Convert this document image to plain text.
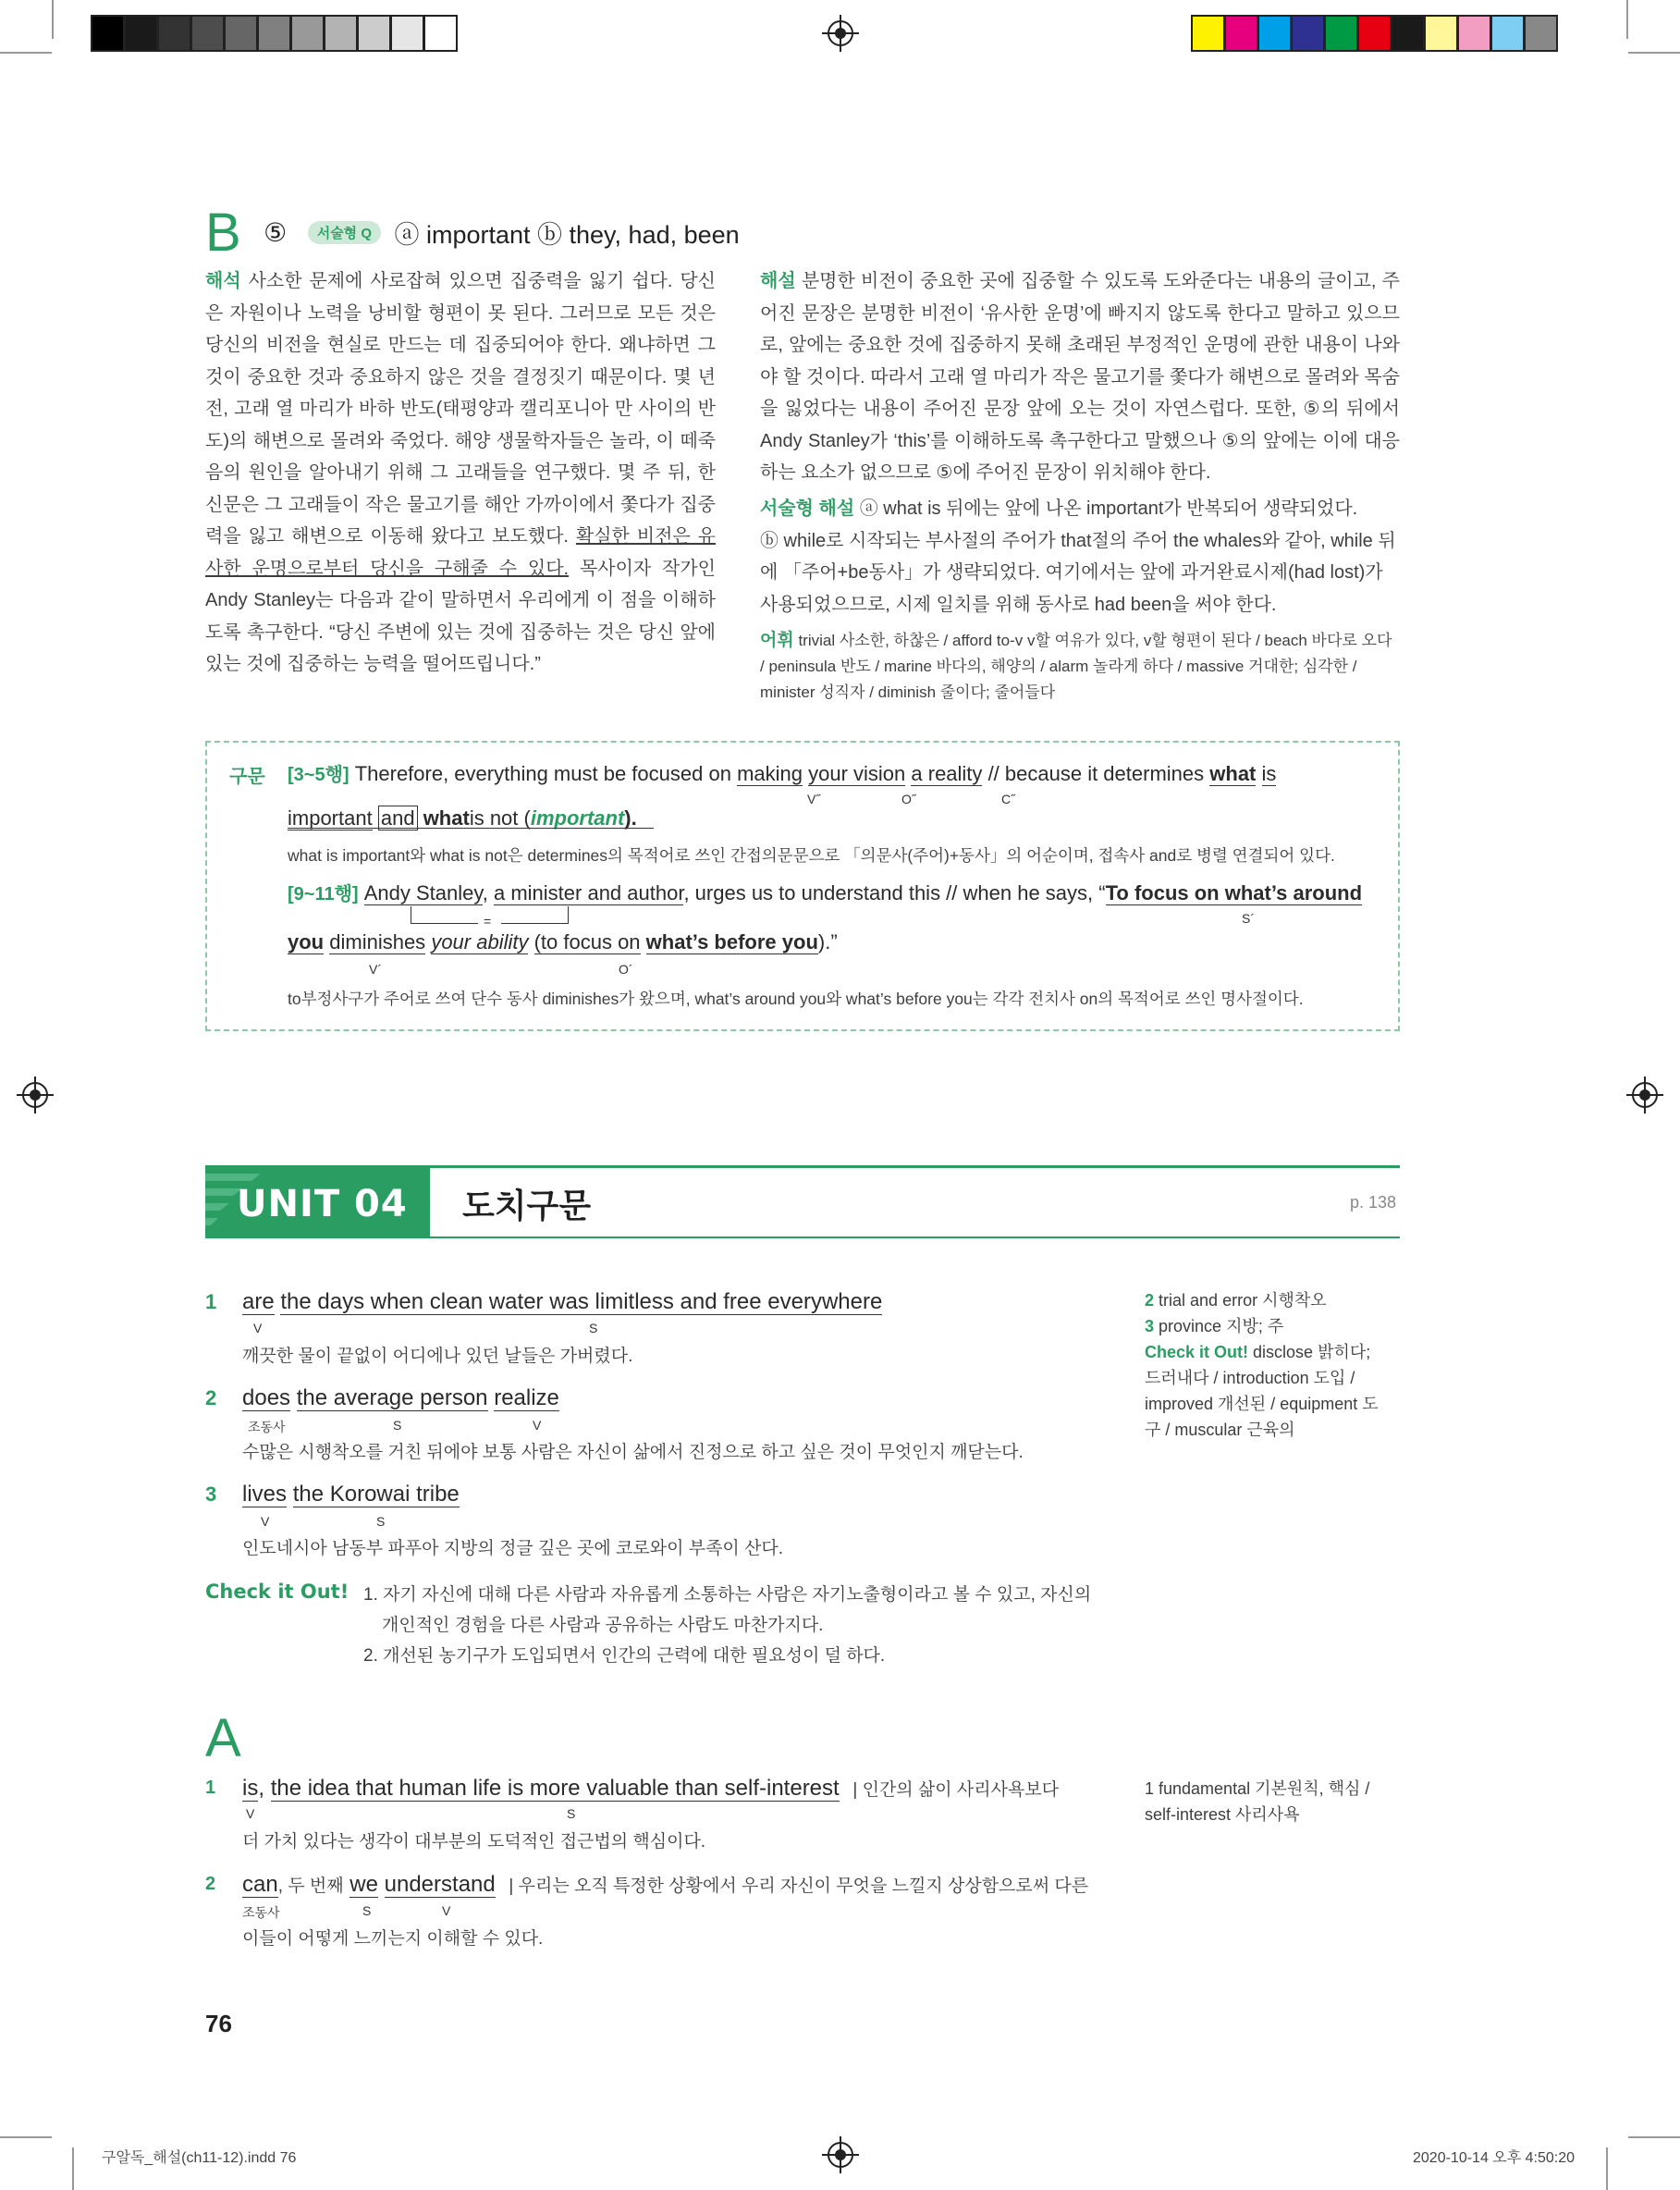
B ⑤ 서술형 Q ⓐ important ⓑ they, had, been
해석 사소한 문제에 사로잡혀 있으면 집중력을 잃기 쉽다. 당신은 자원이나 노력을 낭비할 형편이 못 된다. 그러므로 모든 것은 당신의 비전을 현실로 만드는 데 집중되어야 한다. 왜냐하면 그것이 중요한 것과 중요하지 않은 것을 결정짓기 때문이다. 몇 년 전, 고래 열 마리가 바하 반도(태평양과 캘리포니아 만 사이의 반도)의 해변으로 몰려와 죽었다. 해양 생물학자들은 놀라, 이 떼죽음의 원인을 알아내기 위해 그 고래들을 연구했다. 몇 주 뒤, 한 신문은 그 고래들이 작은 물고기를 해안 가까이에서 쫓다가 집중력을 잃고 해변으로 이동해 왔다고 보도했다. 확실한 비전은 유사한 운명으로부터 당신을 구해줄 수 있다. 목사이자 작가인 Andy Stanley는 다음과 같이 말하면서 우리에게 이 점을 이해하도록 촉구한다. “당신 주변에 있는 것에 집중하는 것은 당신 앞에 있는 것에 집중하는 능력을 떨어뜨립니다.”
해설 분명한 비전이 중요한 곳에 집중할 수 있도록 도와준다는 내용의 글이고, 주어진 문장은 분명한 비전이 ‘유사한 운명’에 빠지지 않도록 한다고 말하고 있으므로, 앞에는 중요한 것에 집중하지 못해 초래된 부정적인 운명에 관한 내용이 나와야 할 것이다. 따라서 고래 열 마리가 작은 물고기를 쫓다가 해변으로 몰려와 목숨을 잃었다는 내용이 주어진 문장 앞에 오는 것이 자연스럽다. 또한, ⑤의 뒤에서 Andy Stanley가 ‘this’를 이해하도록 촉구한다고 말했으나 ⑤의 앞에는 이에 대응하는 요소가 없으므로 ⑤에 주어진 문장이 위치해야 한다.
서술형 해설 ⓐ what is 뒤에는 앞에 나온 important가 반복되어 생략되었다.
ⓑ while로 시작되는 부사절의 주어가 that절의 주어 the whales와 같아, while 뒤에 「주어+be동사」가 생략되었다. 여기에서는 앞에 과거완료시제(had lost)가 사용되었으므로, 시제 일치를 위해 동사로 had been을 써야 한다.
어휘 trivial 사소한, 하찮은 / afford to-v v할 여유가 있다, v할 형편이 된다 / beach 바다로 오다 / peninsula 반도 / marine 바다의, 해양의 / alarm 놀라게 하다 / massive 거대한; 심각한 / minister 성직자 / diminish 줄이다; 줄어들다
구문 [3~5행] Therefore, everything must be focused on making your vision a reality // because it determines what is
V˝	O˝	C˝
important and whatis not (important).
what is important와 what is not은 determines의 목적어로 쓰인 간접의문문으로 「의문사(주어)+동사」의 어순이며, 접속사 and로 병렬 연결되어 있다.
[9~11행] Andy Stanley, a minister and author, urges us to understand this // when he says, “To focus on what’s around
=	S´
you diminishes your ability (to focus on what’s before you).”
V´	O´
to부정사구가 주어로 쓰여 단수 동사 diminishes가 왔으며, what’s around you와 what’s before you는 각각 전치사 on의 목적어로 쓰인 명사절이다.
UNIT 04 도치구문	p. 138
1 are the days when clean water was limitless and free everywhere
V	S
깨끗한 물이 끝없이 어디에나 있던 날들은 가버렸다.
2 does the average person realize
조동사	S	V
수많은 시행착오를 거친 뒤에야 보통 사람은 자신이 삶에서 진정으로 하고 싶은 것이 무엇인지 깨닫는다.
3 lives the Korowai tribe
V	S
인도네시아 남동부 파푸아 지방의 정글 깊은 곳에 코로와이 부족이 산다.
2 trial and error 시행착오
3 province 지방; 주
Check it Out! disclose 밝히다;
드러내다 / introduction 도입 /
improved 개선된 / equipment 도
구 / muscular 근육의
Check it Out! 1. 자기 자신에 대해 다른 사람과 자유롭게 소통하는 사람은 자기노출형이라고 볼 수 있고, 자신의
개인적인 경험을 다른 사람과 공유하는 사람도 마찬가지다.
2. 개선된 농기구가 도입되면서 인간의 근력에 대한 필요성이 덜 하다.
A
1 is, the idea that human life is more valuable than self-interest | 인간의 삶이 사리사욕보다
V	S
더 가치 있다는 생각이 대부분의 도덕적인 접근법의 핵심이다.
2 can, 두 번째 we understand | 우리는 오직 특정한 상황에서 우리 자신이 무엇을 느낄지 상상함으로써 다른
조동사	S	V
이들이 어떻게 느끼는지 이해할 수 있다.
1 fundamental 기본원칙, 핵심 /
self-interest 사리사욕
76
구알독_해설(ch11-12).indd 76	2020-10-14 오후 4:50:20
